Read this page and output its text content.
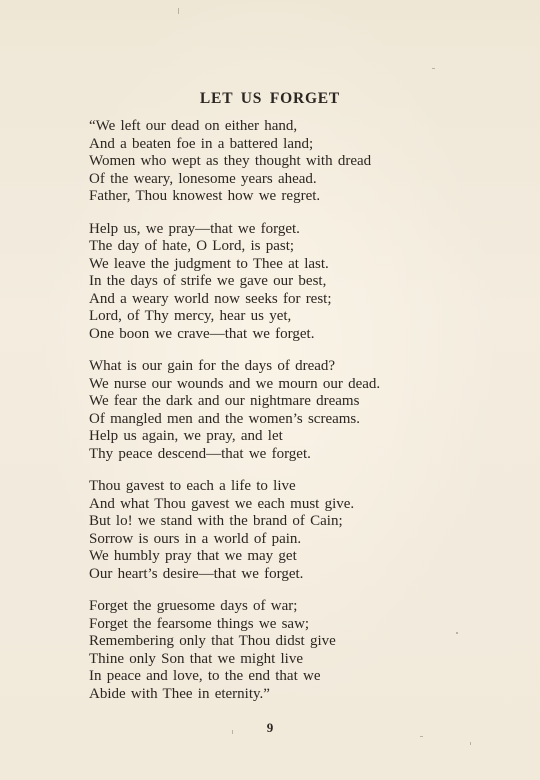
LET US FORGET
“We left our dead on either hand,
And a beaten foe in a battered land;
Women who wept as they thought with dread
Of the weary, lonesome years ahead.
Father, Thou knowest how we regret.
Help us, we pray—that we forget.
The day of hate, O Lord, is past;
We leave the judgment to Thee at last.
In the days of strife we gave our best,
And a weary world now seeks for rest;
Lord, of Thy mercy, hear us yet,
One boon we crave—that we forget.
What is our gain for the days of dread?
We nurse our wounds and we mourn our dead.
We fear the dark and our nightmare dreams
Of mangled men and the women’s screams.
Help us again, we pray, and let
Thy peace descend—that we forget.
Thou gavest to each a life to live
And what Thou gavest we each must give.
But lo! we stand with the brand of Cain;
Sorrow is ours in a world of pain.
We humbly pray that we may get
Our heart’s desire—that we forget.
Forget the gruesome days of war;
Forget the fearsome things we saw;
Remembering only that Thou didst give
Thine only Son that we might live
In peace and love, to the end that we
Abide with Thee in eternity.”
9
